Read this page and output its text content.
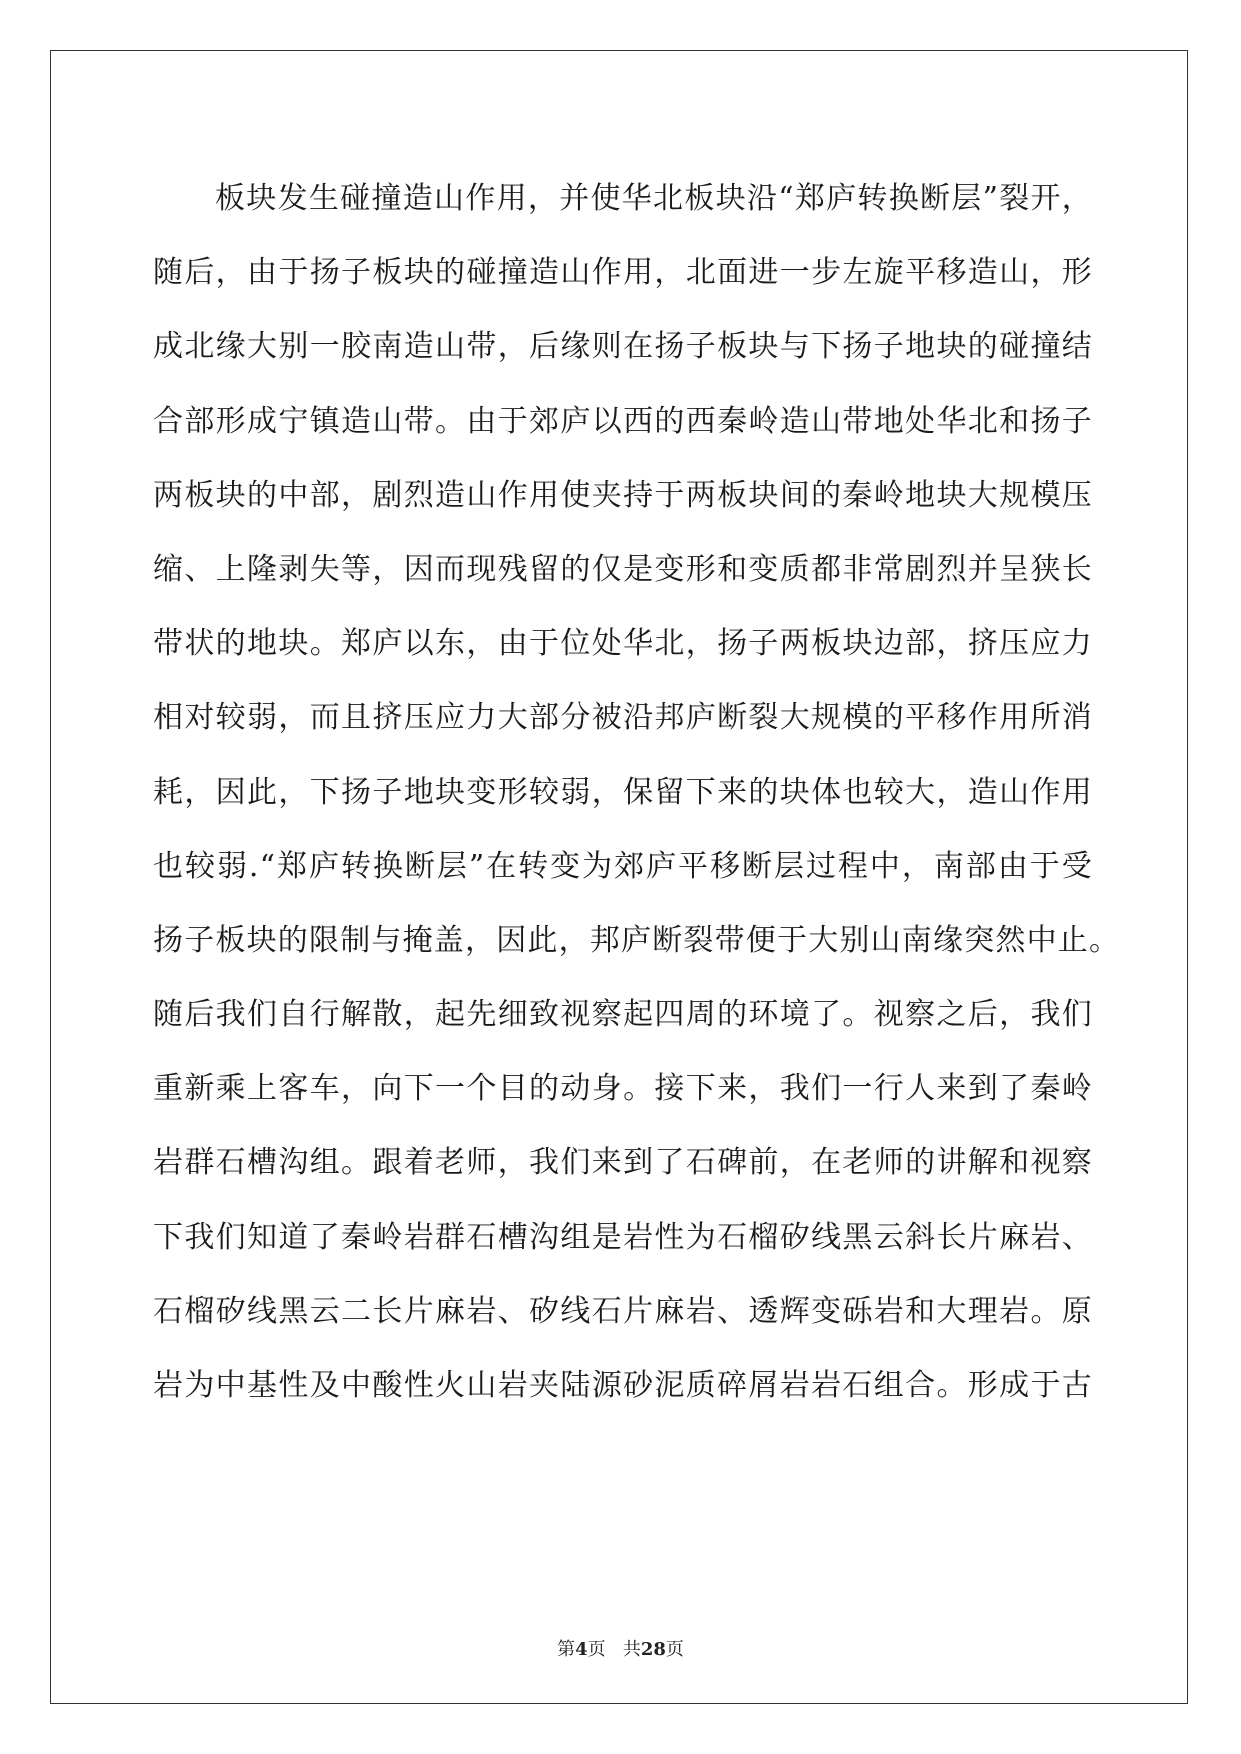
板块发生碰撞造山作用，并使华北板块沿“郑庐转换断层”裂开，
随后，由于扬子板块的碰撞造山作用，北面进一步左旋平移造山，形
成北缘大别一胶南造山带，后缘则在扬子板块与下扬子地块的碰撞结
合部形成宁镇造山带。由于郊庐以西的西秦岭造山带地处华北和扬子
两板块的中部，剧烈造山作用使夹持于两板块间的秦岭地块大规模压
缩、上隆剥失等，因而现残留的仅是变形和变质都非常剧烈并呈狭长
带状的地块。郑庐以东，由于位处华北，扬子两板块边部，挤压应力
相对较弱，而且挤压应力大部分被沿邦庐断裂大规模的平移作用所消
耗，因此，下扬子地块变形较弱，保留下来的块体也较大，造山作用
也较弱.“郑庐转换断层”在转变为郊庐平移断层过程中，南部由于受
扬子板块的限制与掩盖，因此，邦庐断裂带便于大别山南缘突然中止。
随后我们自行解散，起先细致视察起四周的环境了。视察之后，我们
重新乘上客车，向下一个目的动身。接下来，我们一行人来到了秦岭
岩群石槽沟组。跟着老师，我们来到了石碑前，在老师的讲解和视察
下我们知道了秦岭岩群石槽沟组是岩性为石榴矽线黑云斜长片麻岩、
石榴矽线黑云二长片麻岩、矽线石片麻岩、透辉变砾岩和大理岩。原
岩为中基性及中酸性火山岩夹陆源砂泥质碎屑岩岩石组合。形成于古
第4页 共28页
